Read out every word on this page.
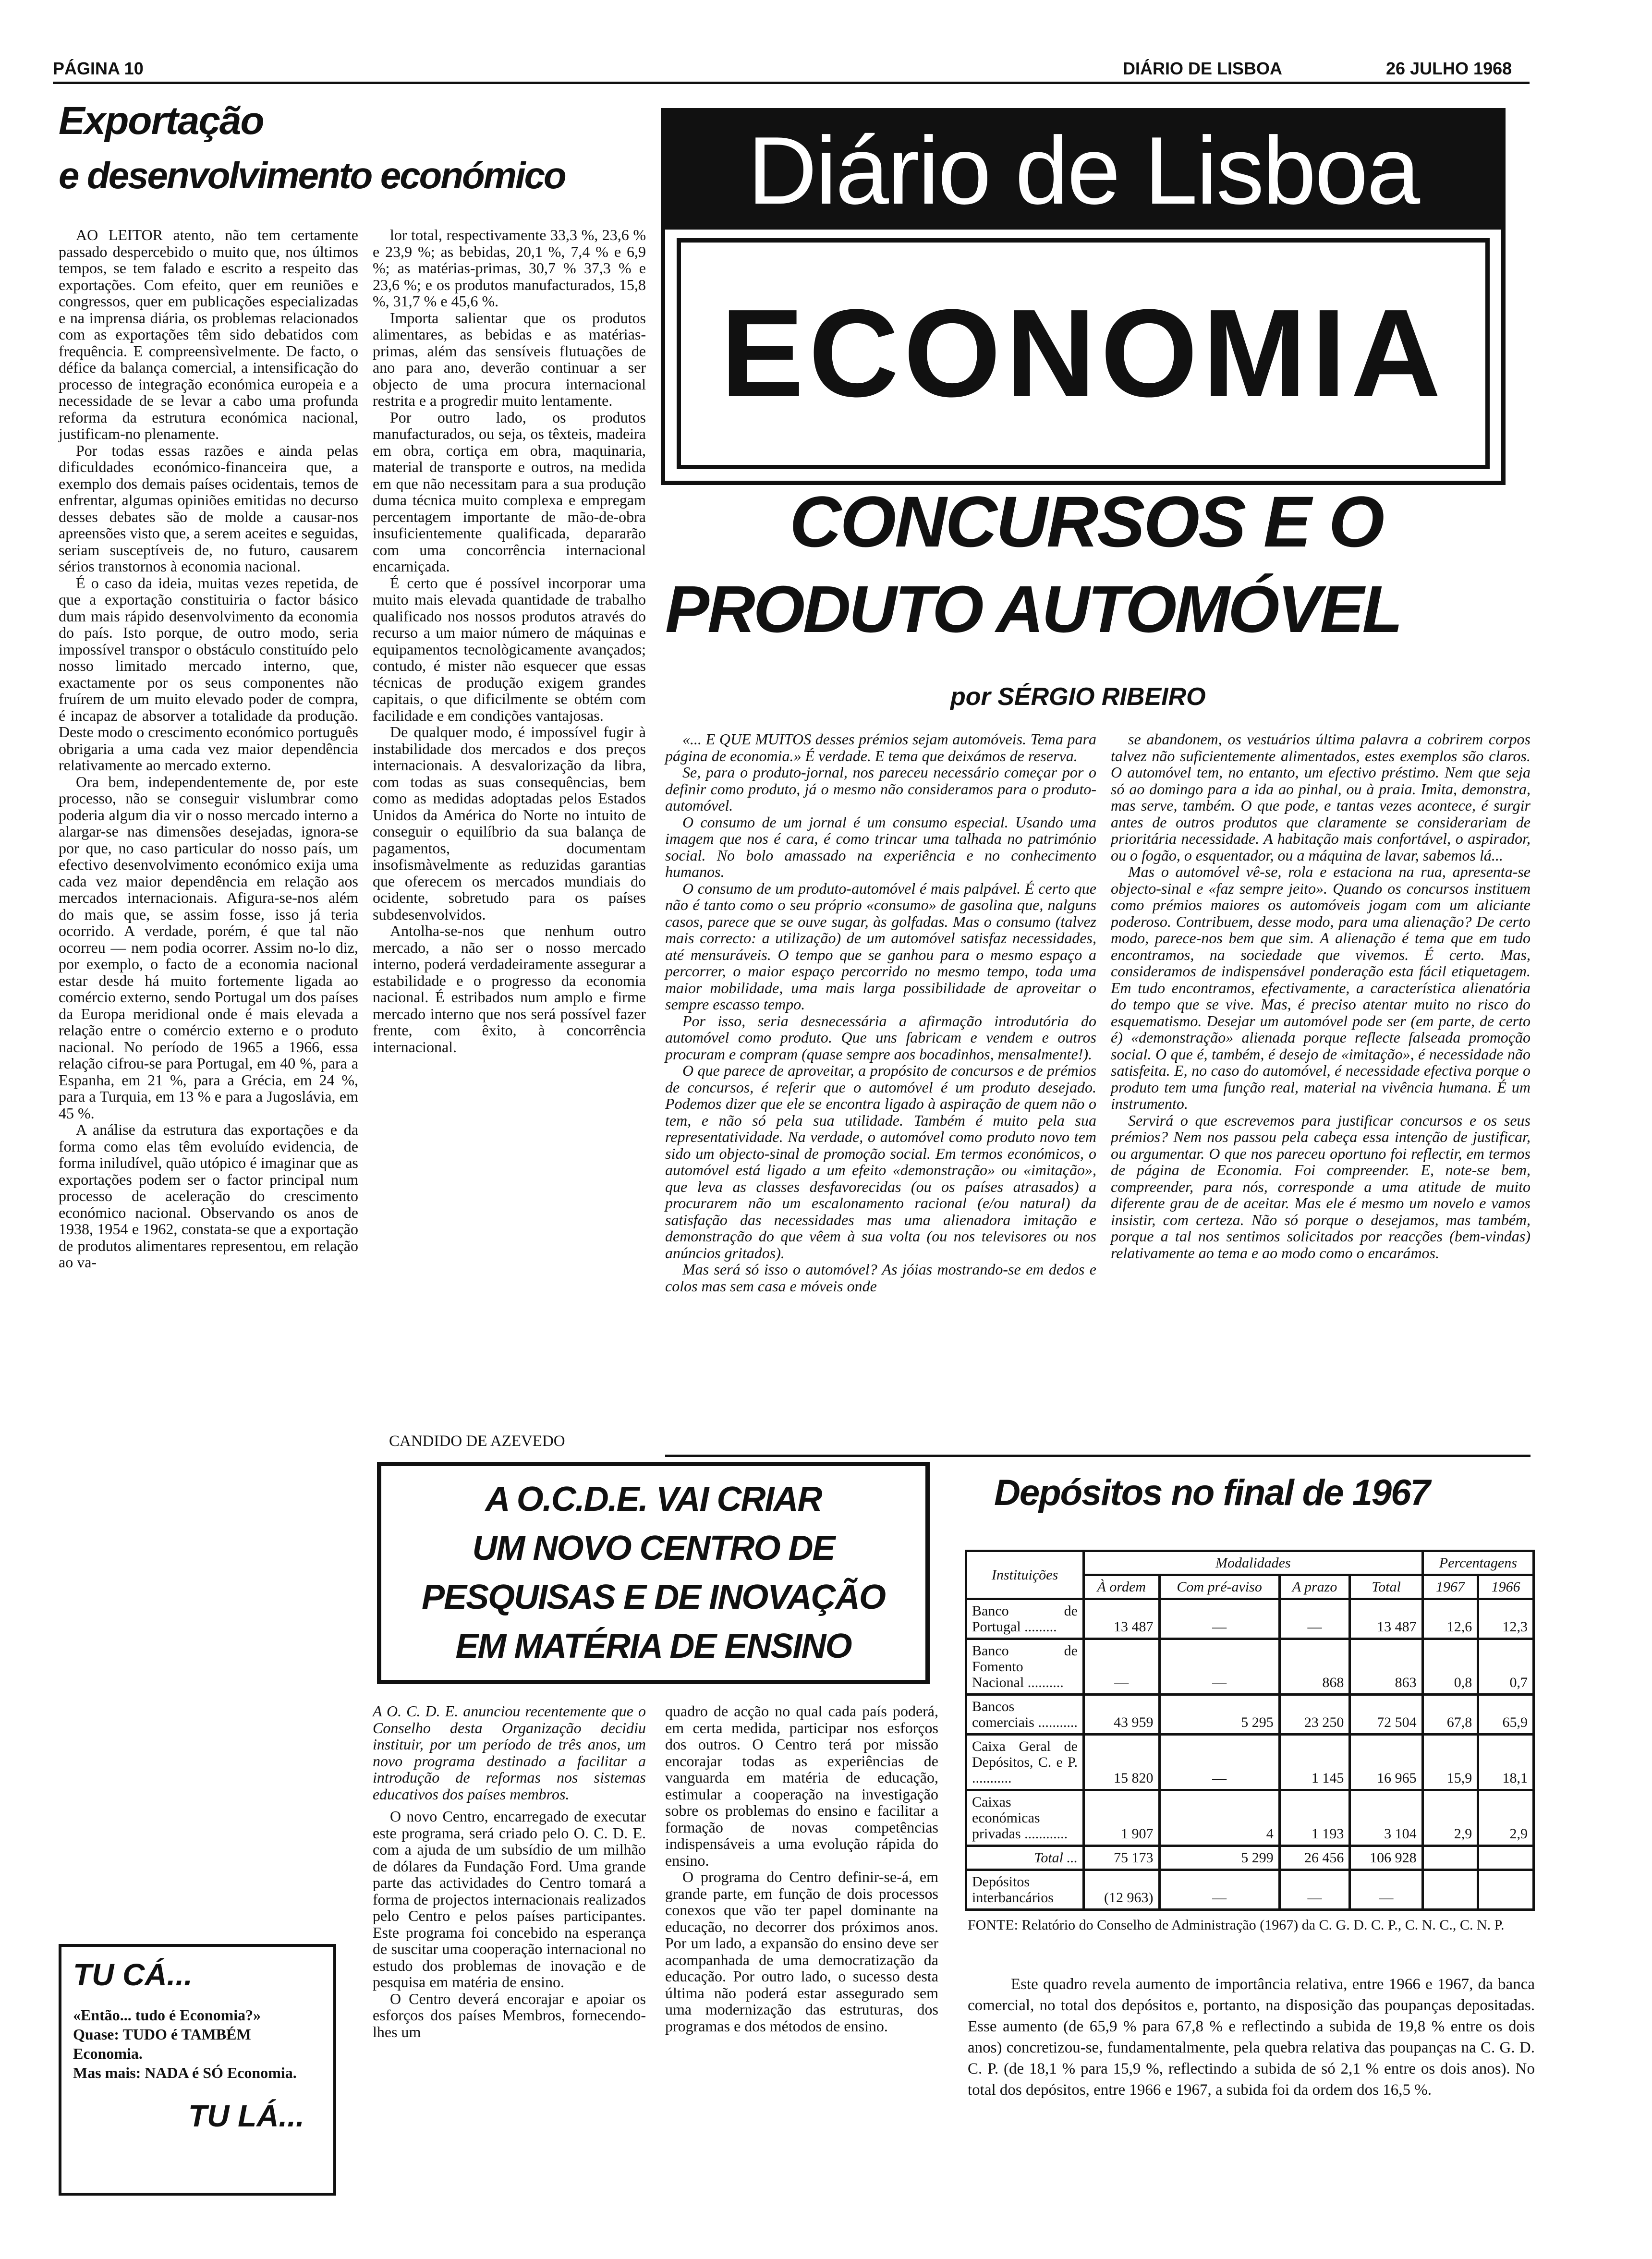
PÁGINA 10	DIÁRIO DE LISBOA	26 JULHO 1968
Exportação
e desenvolvimento económico

AO LEITOR atento, não tem certamente passado despercebido o muito que, nos últimos tempos, se tem falado e escrito a respeito das exportações. Com efeito, quer em reuniões e congressos, quer em publicações especializadas e na imprensa diária, os problemas relacionados com as exportações têm sido debatidos com frequência. E compreensìvelmente. De facto, o défice da balança comercial, a intensificação do processo de integração económica europeia e a necessidade de se levar a cabo uma profunda reforma da estrutura económica nacional, justificam-no plenamente.

Por todas essas razões e ainda pelas dificuldades económico-financeira que, a exemplo dos demais países ocidentais, temos de enfrentar, algumas opiniões emitidas no decurso desses debates são de molde a causar-nos apreensões visto que, a serem aceites e seguidas, seriam susceptíveis de, no futuro, causarem sérios transtornos à economia nacional.

É o caso da ideia, muitas vezes repetida, de que a exportação constituiria o factor básico dum mais rápido desenvolvimento da economia do país. Isto porque, de outro modo, seria impossível transpor o obstáculo constituído pelo nosso limitado mercado interno, que, exactamente por os seus componentes não fruírem de um muito elevado poder de compra, é incapaz de absorver a totalidade da produção. Deste modo o crescimento económico português obrigaria a uma cada vez maior dependência relativamente ao mercado externo.

Ora bem, independentemente de, por este processo, não se conseguir vislumbrar como poderia algum dia vir o nosso mercado interno a alargar-se nas dimensões desejadas, ignora-se por que, no caso particular do nosso país, um efectivo desenvolvimento económico exija uma cada vez maior dependência em relação aos mercados internacionais. Afigura-se-nos além do mais que, se assim fosse, isso já teria ocorrido. A verdade, porém, é que tal não ocorreu — nem podia ocorrer. Assim no-lo diz, por exemplo, o facto de a economia nacional estar desde há muito fortemente ligada ao comércio externo, sendo Portugal um dos países da Europa meridional onde é mais elevada a relação entre o comércio externo e o produto nacional. No período de 1965 a 1966, essa relação cifrou-se para Portugal, em 40 %, para a Espanha, em 21 %, para a Grécia, em 24 %, para a Turquia, em 13 % e para a Jugoslávia, em 45 %.

A análise da estrutura das exportações e da forma como elas têm evoluído evidencia, de forma iniludível, quão utópico é imaginar que as exportações podem ser o factor principal num processo de aceleração do crescimento económico nacional. Observando os anos de 1938, 1954 e 1962, constata-se que a exportação de produtos alimentares representou, em relação ao va-

lor total, respectivamente 33,3 %, 23,6 % e 23,9 %; as bebidas, 20,1 %, 7,4 % e 6,9 %; as matérias-primas, 30,7 % 37,3 % e 23,6 %; e os produtos manufacturados, 15,8 %, 31,7 % e 45,6 %.

Importa salientar que os produtos alimentares, as bebidas e as matérias-primas, além das sensíveis flutuações de ano para ano, deverão continuar a ser objecto de uma procura internacional restrita e a progredir muito lentamente.

Por outro lado, os produtos manufacturados, ou seja, os têxteis, madeira em obra, cortiça em obra, maquinaria, material de transporte e outros, na medida em que não necessitam para a sua produção duma técnica muito complexa e empregam percentagem importante de mão-de-obra insuficientemente qualificada, depararão com uma concorrência internacional encarniçada.

É certo que é possível incorporar uma muito mais elevada quantidade de trabalho qualificado nos nossos produtos através do recurso a um maior número de máquinas e equipamentos tecnològicamente avançados; contudo, é mister não esquecer que essas técnicas de produção exigem grandes capitais, o que dificilmente se obtém com facilidade e em condições vantajosas.

De qualquer modo, é impossível fugir à instabilidade dos mercados e dos preços internacionais. A desvalorização da libra, com todas as suas consequências, bem como as medidas adoptadas pelos Estados Unidos da América do Norte no intuito de conseguir o equilíbrio da sua balança de pagamentos, documentam insofismàvelmente as reduzidas garantias que oferecem os mercados mundiais do ocidente, sobretudo para os países subdesenvolvidos.

Antolha-se-nos que nenhum outro mercado, a não ser o nosso mercado interno, poderá verdadeiramente assegurar a estabilidade e o progresso da economia nacional. É estribados num amplo e firme mercado interno que nos será possível fazer frente, com êxito, à concorrência internacional.

CANDIDO DE AZEVEDO
Diário de Lisboa
ECONOMIA
CONCURSOS E O
PRODUTO AUTOMÓVEL
por SÉRGIO RIBEIRO

«... E QUE MUITOS desses prémios sejam automóveis. Tema para página de economia.» É verdade. E tema que deixámos de reserva.

Se, para o produto-jornal, nos pareceu necessário começar por o definir como produto, já o mesmo não consideramos para o produto-automóvel.

O consumo de um jornal é um consumo especial. Usando uma imagem que nos é cara, é como trincar uma talhada no património social. No bolo amassado na experiência e no conhecimento humanos.

O consumo de um produto-automóvel é mais palpável. É certo que não é tanto como o seu próprio «consumo» de gasolina que, nalguns casos, parece que se ouve sugar, às golfadas. Mas o consumo (talvez mais correcto: a utilização) de um automóvel satisfaz necessidades, até mensuráveis. O tempo que se ganhou para o mesmo espaço a percorrer, o maior espaço percorrido no mesmo tempo, toda uma maior mobilidade, uma mais larga possibilidade de aproveitar o sempre escasso tempo.

Por isso, seria desnecessária a afirmação introdutória do automóvel como produto. Que uns fabricam e vendem e outros procuram e compram (quase sempre aos bocadinhos, mensalmente!).

O que parece de aproveitar, a propósito de concursos e de prémios de concursos, é referir que o automóvel é um produto desejado. Podemos dizer que ele se encontra ligado à aspiração de quem não o tem, e não só pela sua utilidade. Também é muito pela sua representatividade. Na verdade, o automóvel como produto novo tem sido um objecto-sinal de promoção social. Em termos económicos, o automóvel está ligado a um efeito «demonstração» ou «imitação», que leva as classes desfavorecidas (ou os países atrasados) a procurarem não um escalonamento racional (e/ou natural) da satisfação das necessidades mas uma alienadora imitação e demonstração do que vêem à sua volta (ou nos televisores ou nos anúncios gritados).

Mas será só isso o automóvel? As jóias mostrando-se em dedos e colos mas sem casa e móveis onde

se abandonem, os vestuários última palavra a cobrirem corpos talvez não suficientemente alimentados, estes exemplos são claros. O automóvel tem, no entanto, um efectivo préstimo. Nem que seja só ao domingo para a ida ao pinhal, ou à praia. Imita, demonstra, mas serve, também. O que pode, e tantas vezes acontece, é surgir antes de outros produtos que claramente se considerariam de prioritária necessidade. A habitação mais confortável, o aspirador, ou o fogão, o esquentador, ou a máquina de lavar, sabemos lá...

Mas o automóvel vê-se, rola e estaciona na rua, apresenta-se objecto-sinal e «faz sempre jeito». Quando os concursos instituem como prémios maiores os automóveis jogam com um aliciante poderoso. Contribuem, desse modo, para uma alienação? De certo modo, parece-nos bem que sim. A alienação é tema que em tudo encontramos, na sociedade que vivemos. É certo. Mas, consideramos de indispensável ponderação esta fácil etiquetagem. Em tudo encontramos, efectivamente, a característica alienatória do tempo que se vive. Mas, é preciso atentar muito no risco do esquematismo. Desejar um automóvel pode ser (em parte, de certo é) «demonstração» alienada porque reflecte falseada promoção social. O que é, também, é desejo de «imitação», é necessidade não satisfeita. E, no caso do automóvel, é necessidade efectiva porque o produto tem uma função real, material na vivência humana. É um instrumento.

Servirá o que escrevemos para justificar concursos e os seus prémios? Nem nos passou pela cabeça essa intenção de justificar, ou argumentar. O que nos pareceu oportuno foi reflectir, em termos de página de Economia. Foi compreender. E, note-se bem, compreender, para nós, corresponde a uma atitude de muito diferente grau de de aceitar. Mas ele é mesmo um novelo e vamos insistir, com certeza. Não só porque o desejamos, mas também, porque a tal nos sentimos solicitados por reacções (bem-vindas) relativamente ao tema e ao modo como o encarámos.

A O.C.D.E. VAI CRIAR
UM NOVO CENTRO DE
PESQUISAS E DE INOVAÇÃO
EM MATÉRIA DE ENSINO

A O. C. D. E. anunciou recentemente que o Conselho desta Organização decidiu instituir, por um período de três anos, um novo programa destinado a facilitar a introdução de reformas nos sistemas educativos dos países membros.

O novo Centro, encarregado de executar este programa, será criado pelo O. C. D. E. com a ajuda de um subsídio de um milhão de dólares da Fundação Ford. Uma grande parte das actividades do Centro tomará a forma de projectos internacionais realizados pelo Centro e pelos países participantes. Este programa foi concebido na esperança de suscitar uma cooperação internacional no estudo dos problemas de inovação e de pesquisa em matéria de ensino.

O Centro deverá encorajar e apoiar os esforços dos países Membros, fornecendo-lhes um

quadro de acção no qual cada país poderá, em certa medida, participar nos esforços dos outros. O Centro terá por missão encorajar todas as experiências de vanguarda em matéria de educação, estimular a cooperação na investigação sobre os problemas do ensino e facilitar a formação de novas competências indispensáveis a uma evolução rápida do ensino.

O programa do Centro definir-se-á, em grande parte, em função de dois processos conexos que vão ter papel dominante na educação, no decorrer dos próximos anos. Por um lado, a expansão do ensino deve ser acompanhada de uma democratização da educação. Por outro lado, o sucesso desta última não poderá estar assegurado sem uma modernização das estruturas, dos programas e dos métodos de ensino.

TU CÁ...
«Então... tudo é Economia?»
Quase: TUDO é TAMBÉM Economia.
Mas mais: NADA é SÓ Economia.
TU LÁ...
Depósitos no final de 1967
Instituições	Modalidades				Percentagens	
	À ordem	Com pré-aviso	A prazo	Total	1967	1966
Banco de Portugal .........	13 487	—	—	13 487	12,6	12,3
Banco de Fomento Nacional ..........	—	—	868	863	0,8	0,7
Bancos comerciais ...........	43 959	5 295	23 250	72 504	67,8	65,9
Caixa Geral de Depósitos, C. e P. ...........	15 820	—	1 145	16 965	15,9	18,1
Caixas económicas privadas ............	1 907	4	1 193	3 104	2,9	2,9
Total ...	75 173	5 299	26 456	106 928		
Depósitos interbancários	(12 963)	—	—	—		
FONTE: Relatório do Conselho de Administração (1967) da C. G. D. C. P., C. N. C., C. N. P.

Este quadro revela aumento de importância relativa, entre 1966 e 1967, da banca comercial, no total dos depósitos e, portanto, na disposição das poupanças depositadas. Esse aumento (de 65,9 % para 67,8 % e reflectindo a subida de 19,8 % entre os dois anos) concretizou-se, fundamentalmente, pela quebra relativa das poupanças na C. G. D. C. P. (de 18,1 % para 15,9 %, reflectindo a subida de só 2,1 % entre os dois anos). No total dos depósitos, entre 1966 e 1967, a subida foi da ordem dos 16,5 %.
